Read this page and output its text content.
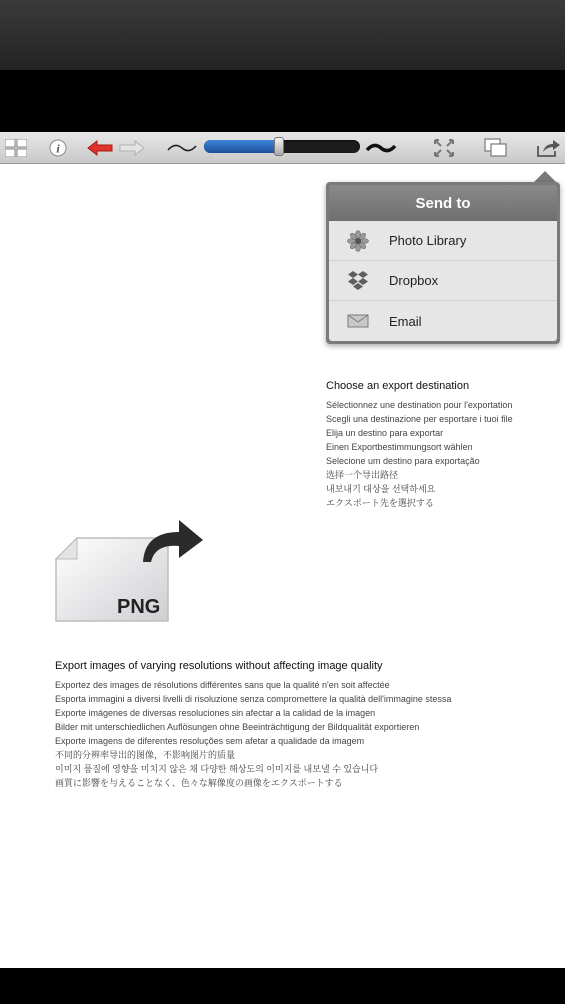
i
Send to
Photo Library
Dropbox
Email
Choose an export destination
Sélectionnez une destination pour l'exportation
Scegli una destinazione per esportare i tuoi file
Elija un destino para exportar
Einen Exportbestimmungsort wählen
Selecione um destino para exportação
选择一个导出路径
내보내기 대상을 선택하세요
エクスポート先を選択する
PNG
Export images of varying resolutions without affecting image quality
Exportez des images de résolutions différentes sans que la qualité n'en soit affectée
Esporta immagini a diversi livelli di risoluzione senza compromettere la qualità dell'immagine stessa
Exporte imágenes de diversas resoluciones sin afectar a la calidad de la imagen
Bilder mit unterschiedlichen Auflösungen ohne Beeinträchtigung der Bildqualität exportieren
Exporte imagens de diferentes resoluções sem afetar a qualidade da imagem
不同的分辨率导出的图像，不影响图片的质量
이미지 품질에 영향을 미치지 않은 채 다양한 해상도의 이미지를 내보낼 수 있습니다
画質に影響を与えることなく、色々な解像度の画像をエクスポートする
